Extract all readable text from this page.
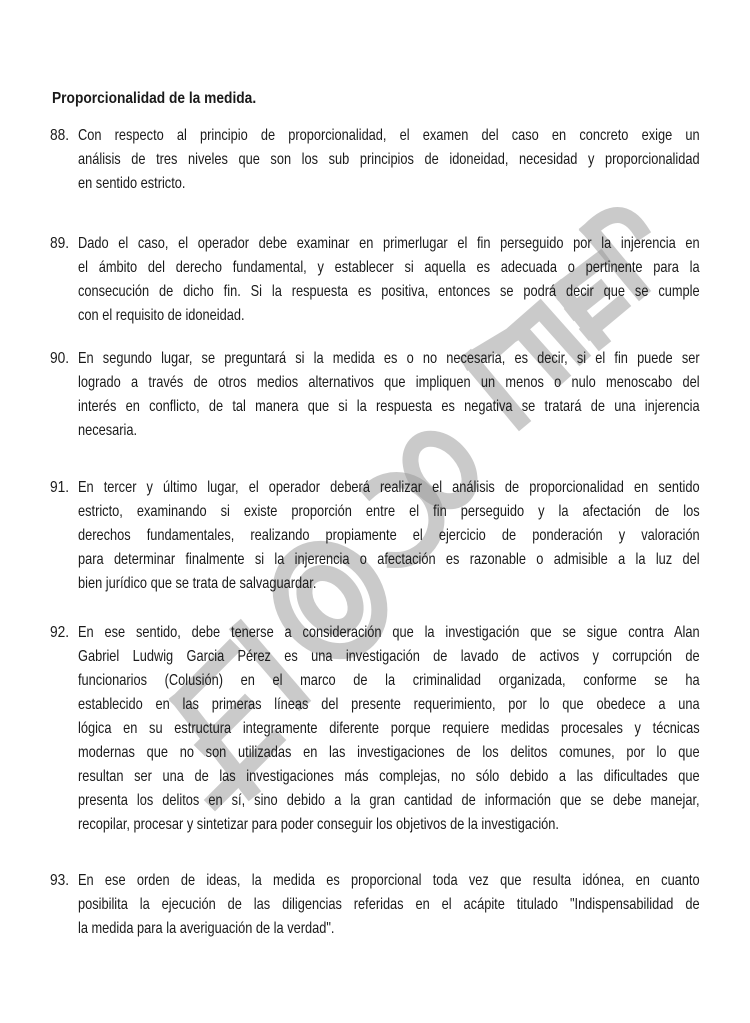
Proporcionalidad de la medida.
88. Con respecto al principio de proporcionalidad, el examen del caso en concreto exige un
análisis de tres niveles que son los sub principios de idoneidad, necesidad y proporcionalidad
en sentido estricto.
89. Dado el caso, el operador debe examinar en primerlugar el fin perseguido por la injerencia en
el ámbito del derecho fundamental, y establecer si aquella es adecuada o pertinente para la
consecución de dicho fin. Si la respuesta es positiva, entonces se podrá decir que se cumple
con el requisito de idoneidad.
90. En segundo lugar, se preguntará si la medida es o no necesaria, es decir, si el fin puede ser
logrado a través de otros medios alternativos que impliquen un menos o nulo menoscabo del
interés en conflicto, de tal manera que si la respuesta es negativa se tratará de una injerencia
necesaria.
91. En tercer y último lugar, el operador deberá realizar el análisis de proporcionalidad en sentido
estricto, examinando si existe proporción entre el fin perseguido y la afectación de los
derechos fundamentales, realizando propiamente el ejercicio de ponderación y valoración
para determinar finalmente si la injerencia o afectación es razonable o admisible a la luz del
bien jurídico que se trata de salvaguardar.
92. En ese sentido, debe tenerse a consideración que la investigación que se sigue contra Alan
Gabriel Ludwig Garcia Pérez es una investigación de lavado de activos y corrupción de
funcionarios (Colusión) en el marco de la criminalidad organizada, conforme se ha
establecido en las primeras líneas del presente requerimiento, por lo que obedece a una
lógica en su estructura integramente diferente porque requiere medidas procesales y técnicas
modernas que no son utilizadas en las investigaciones de los delitos comunes, por lo que
resultan ser una de las investigaciones más complejas, no sólo debido a las dificultades que
presenta los delitos en sí, sino debido a la gran cantidad de información que se debe manejar,
recopilar, procesar y sintetizar para poder conseguir los objetivos de la investigación.
93. En ese orden de ideas, la medida es proporcional toda vez que resulta idónea, en cuanto
posibilita la ejecución de las diligencias referidas en el acápite titulado "Indispensabilidad de
la medida para la averiguación de la verdad".
